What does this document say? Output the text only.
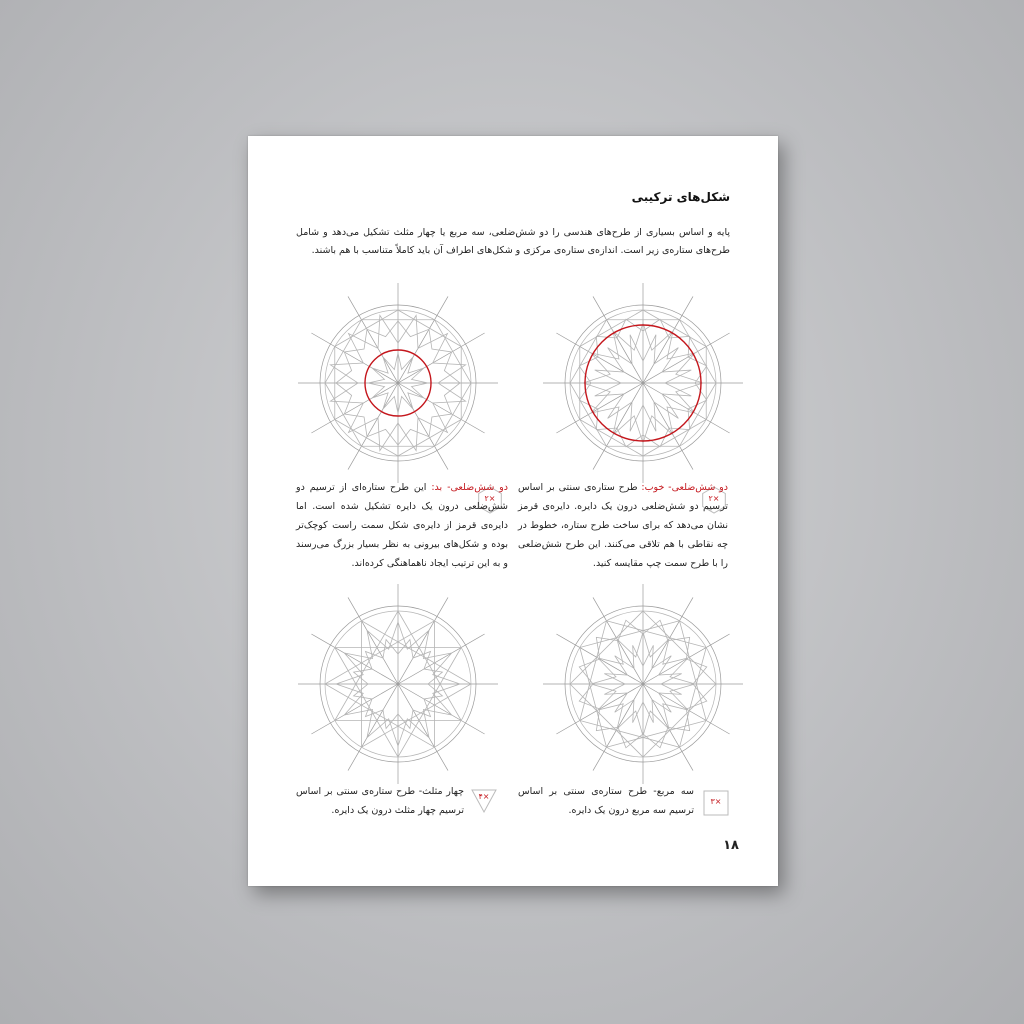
شکل‌های ترکیبی

پایه و اساس بسیاری از طرح‌های هندسی را دو شش‌ضلعی، سه مربع یا چهار مثلث تشکیل می‌دهد و شامل طرح‌های ستاره‌ی زیر است. اندازه‌ی ستاره‌ی مرکزی و شکل‌های اطراف آن باید کاملاً متناسب با هم باشند.

۲×

دو شش‌ضلعی- خوب: طرح ستاره‌ی سنتی بر اساس ترسیم دو شش‌ضلعی درون یک دایره. دایره‌ی قرمز نشان می‌دهد که برای ساخت طرح ستاره، خطوط در چه نقاطی با هم تلاقی می‌کنند. این طرح شش‌ضلعی را با طرح سمت چپ مقایسه کنید.

۲×

دو شش‌ضلعی- بد: این طرح ستاره‌ای از ترسیم دو شش‌ضلعی درون یک دایره تشکیل شده است. اما دایره‌ی قرمز از دایره‌ی شکل سمت راست کوچک‌تر بوده و شکل‌های بیرونی به نظر بسیار بزرگ می‌رسند و به این ترتیب ایجاد ناهماهنگی کرده‌اند.

۳×

سه مربع- طرح ستاره‌ی سنتی بر اساس ترسیم سه مربع درون یک دایره.

۴×

چهار مثلث- طرح ستاره‌ی سنتی بر اساس ترسیم چهار مثلث درون یک دایره.

۱۸
